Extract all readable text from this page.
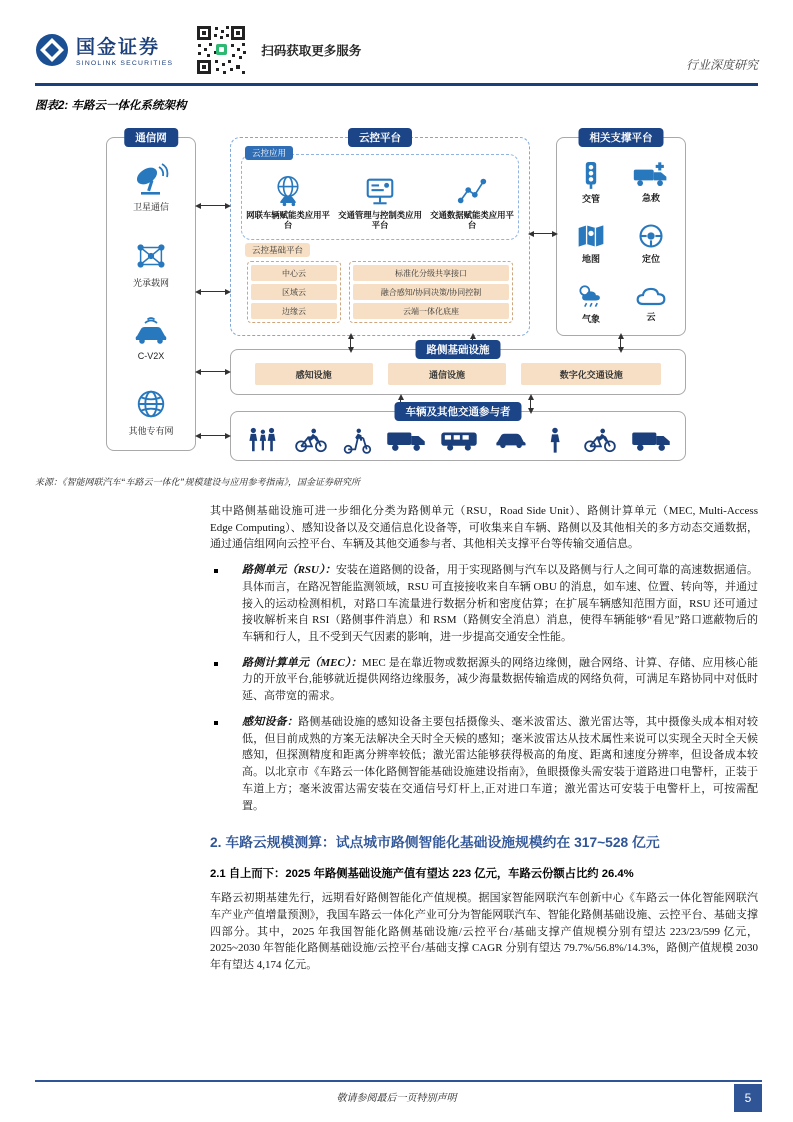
国金证券
SINOLINK SECURITIES
扫码获取更多服务
行业深度研究
图表2: 车路云一体化系统架构
通信网
卫星通信
光承载网
C-V2X
其他专有网
云控平台
云控应用
网联车辆赋能类应用平台
交通管理与控制类应用平台
交通数据赋能类应用平台
云控基础平台
中心云
区域云
边缘云
标准化分级共享接口
融合感知/协同决策/协同控制
云端一体化底座
相关支撑平台
交管	急救
地图	定位
气象	云
路侧基础设施
感知设施	通信设施	数字化交通设施
车辆及其他交通参与者
来源：《智能网联汽车“车路云一体化”规模建设与应用参考指南》，国金证券研究所

其中路侧基础设施可进一步细化分类为路侧单元（RSU，Road Side Unit）、路侧计算单元（MEC, Multi-Access Edge Computing）、感知设备以及交通信息化设备等，可收集来自车辆、路侧以及其他相关的多方动态交通数据，通过通信组网向云控平台、车辆及其他交通参与者、其他相关支撑平台等传输交通信息。

路侧单元（RSU）：安装在道路侧的设备，用于实现路侧与汽车以及路侧与行人之间可靠的高速数据通信。具体而言，在路况智能监测领域，RSU 可直接接收来自车辆 OBU 的消息，如车速、位置、转向等，并通过接入的运动检测相机，对路口车流量进行数据分析和密度估算；在扩展车辆感知范围方面，RSU 还可通过接收解析来自 RSI（路侧事件消息）和 RSM（路侧安全消息）消息，使得车辆能够“看见”路口遮蔽物后的车辆和行人，且不受到天气因素的影响，进一步提高交通安全性能。

路侧计算单元（MEC）：MEC 是在靠近物或数据源头的网络边缘侧，融合网络、计算、存储、应用核心能力的开放平台,能够就近提供网络边缘服务，减少海量数据传输造成的网络负荷，可满足车路协同中对低时延、高带宽的需求。

感知设备：路侧基础设施的感知设备主要包括摄像头、毫米波雷达、激光雷达等，其中摄像头成本相对较低，但目前成熟的方案无法解决全天时全天候的感知；毫米波雷达从技术属性来说可以实现全天时全天候感知，但探测精度和距离分辨率较低；激光雷达能够获得极高的角度、距离和速度分辨率，但设备成本较高。以北京市《车路云一体化路侧智能基础设施建设指南》，鱼眼摄像头需安装于道路进口电警杆，正装于车道上方；毫米波雷达需安装在交通信号灯杆上,正对进口车道；激光雷达可安装于电警杆上，可按需配置。

2. 车路云规模测算：试点城市路侧智能化基础设施规模约在 317~528 亿元
2.1 自上而下：2025 年路侧基础设施产值有望达 223 亿元，车路云份额占比约 26.4%

车路云初期基建先行，远期看好路侧智能化产值规模。据国家智能网联汽车创新中心《车路云一体化智能网联汽车产业产值增量预测》，我国车路云一体化产业可分为智能网联汽车、智能化路侧基础设施、云控平台、基础支撑四部分。其中，2025 年我国智能化路侧基础设施/云控平台/基础支撑产值规模分别有望达 223/23/599 亿元，2025~2030 年智能化路侧基础设施/云控平台/基础支撑 CAGR 分别有望达 79.7%/56.8%/14.3%，路侧产值规模 2030 年有望达 4,174 亿元。

敬请参阅最后一页特别声明	5
